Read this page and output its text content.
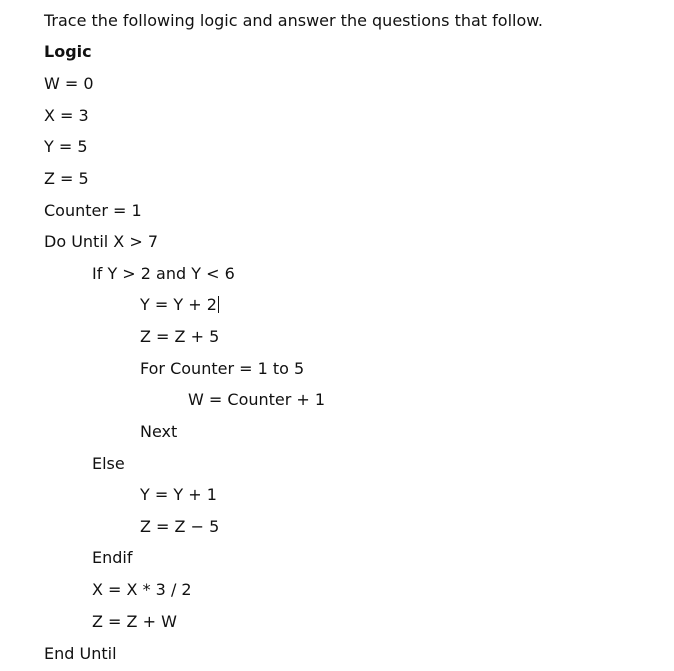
Trace the following logic and answer the questions that follow.
Logic
W = 0
X = 3
Y = 5
Z = 5
Counter = 1
Do Until X > 7
If Y > 2 and Y < 6
Y = Y + 2
Z = Z + 5
For Counter = 1 to 5
W = Counter + 1
Next
Else
Y = Y + 1
Z = Z − 5
Endif
X = X * 3 / 2
Z = Z + W
End Until
